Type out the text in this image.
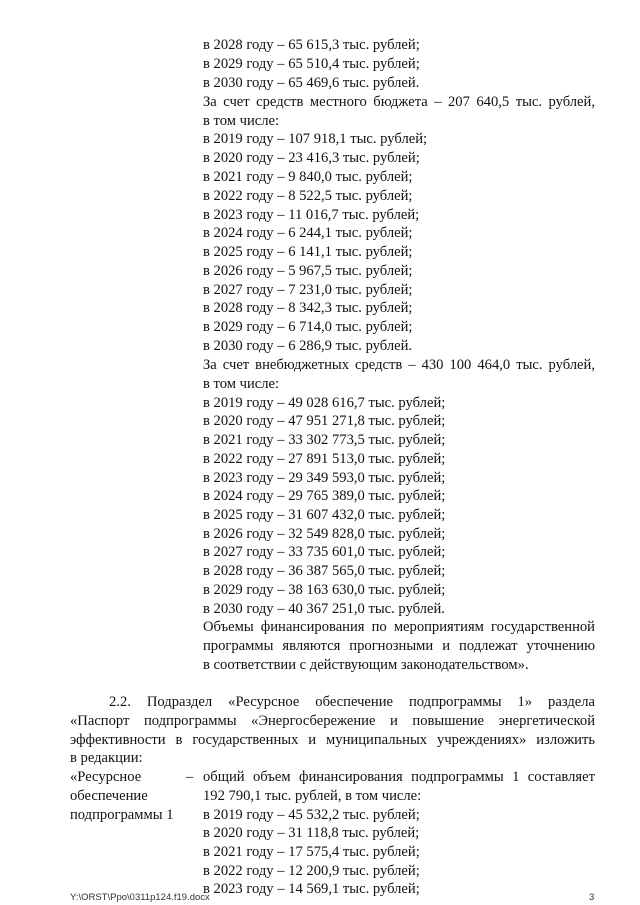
в 2028 году – 65 615,3 тыс. рублей;
в 2029 году – 65 510,4 тыс. рублей;
в 2030 году – 65 469,6 тыс. рублей.
За счет средств местного бюджета – 207 640,5 тыс. рублей,
в том числе:
в 2019 году – 107 918,1 тыс. рублей;
в 2020 году – 23 416,3 тыс. рублей;
в 2021 году – 9 840,0 тыс. рублей;
в 2022 году – 8 522,5 тыс. рублей;
в 2023 году – 11 016,7 тыс. рублей;
в 2024 году – 6 244,1 тыс. рублей;
в 2025 году – 6 141,1 тыс. рублей;
в 2026 году – 5 967,5 тыс. рублей;
в 2027 году – 7 231,0 тыс. рублей;
в 2028 году – 8 342,3 тыс. рублей;
в 2029 году – 6 714,0 тыс. рублей;
в 2030 году – 6 286,9 тыс. рублей.
За счет внебюджетных средств – 430 100 464,0 тыс. рублей,
в том числе:
в 2019 году – 49 028 616,7 тыс. рублей;
в 2020 году – 47 951 271,8 тыс. рублей;
в 2021 году – 33 302 773,5 тыс. рублей;
в 2022 году – 27 891 513,0 тыс. рублей;
в 2023 году – 29 349 593,0 тыс. рублей;
в 2024 году – 29 765 389,0 тыс. рублей;
в 2025 году – 31 607 432,0 тыс. рублей;
в 2026 году – 32 549 828,0 тыс. рублей;
в 2027 году – 33 735 601,0 тыс. рублей;
в 2028 году – 36 387 565,0 тыс. рублей;
в 2029 году – 38 163 630,0 тыс. рублей;
в 2030 году – 40 367 251,0 тыс. рублей.
Объемы финансирования по мероприятиям государственной
программы являются прогнозными и подлежат уточнению
в соответствии с действующим законодательством».
2.2. Подраздел «Ресурсное обеспечение подпрограммы 1» раздела
«Паспорт подпрограммы «Энергосбережение и повышение энергетической
эффективности в государственных и муниципальных учреждениях» изложить
в редакции:
«Ресурсное
обеспечение
подпрограммы 1
– общий объем финансирования подпрограммы 1 составляет
192 790,1 тыс. рублей, в том числе:
в 2019 году – 45 532,2 тыс. рублей;
в 2020 году – 31 118,8 тыс. рублей;
в 2021 году – 17 575,4 тыс. рублей;
в 2022 году – 12 200,9 тыс. рублей;
в 2023 году – 14 569,1 тыс. рублей;
Y:\ORST\Ppo\0311p124.f19.docx	3
